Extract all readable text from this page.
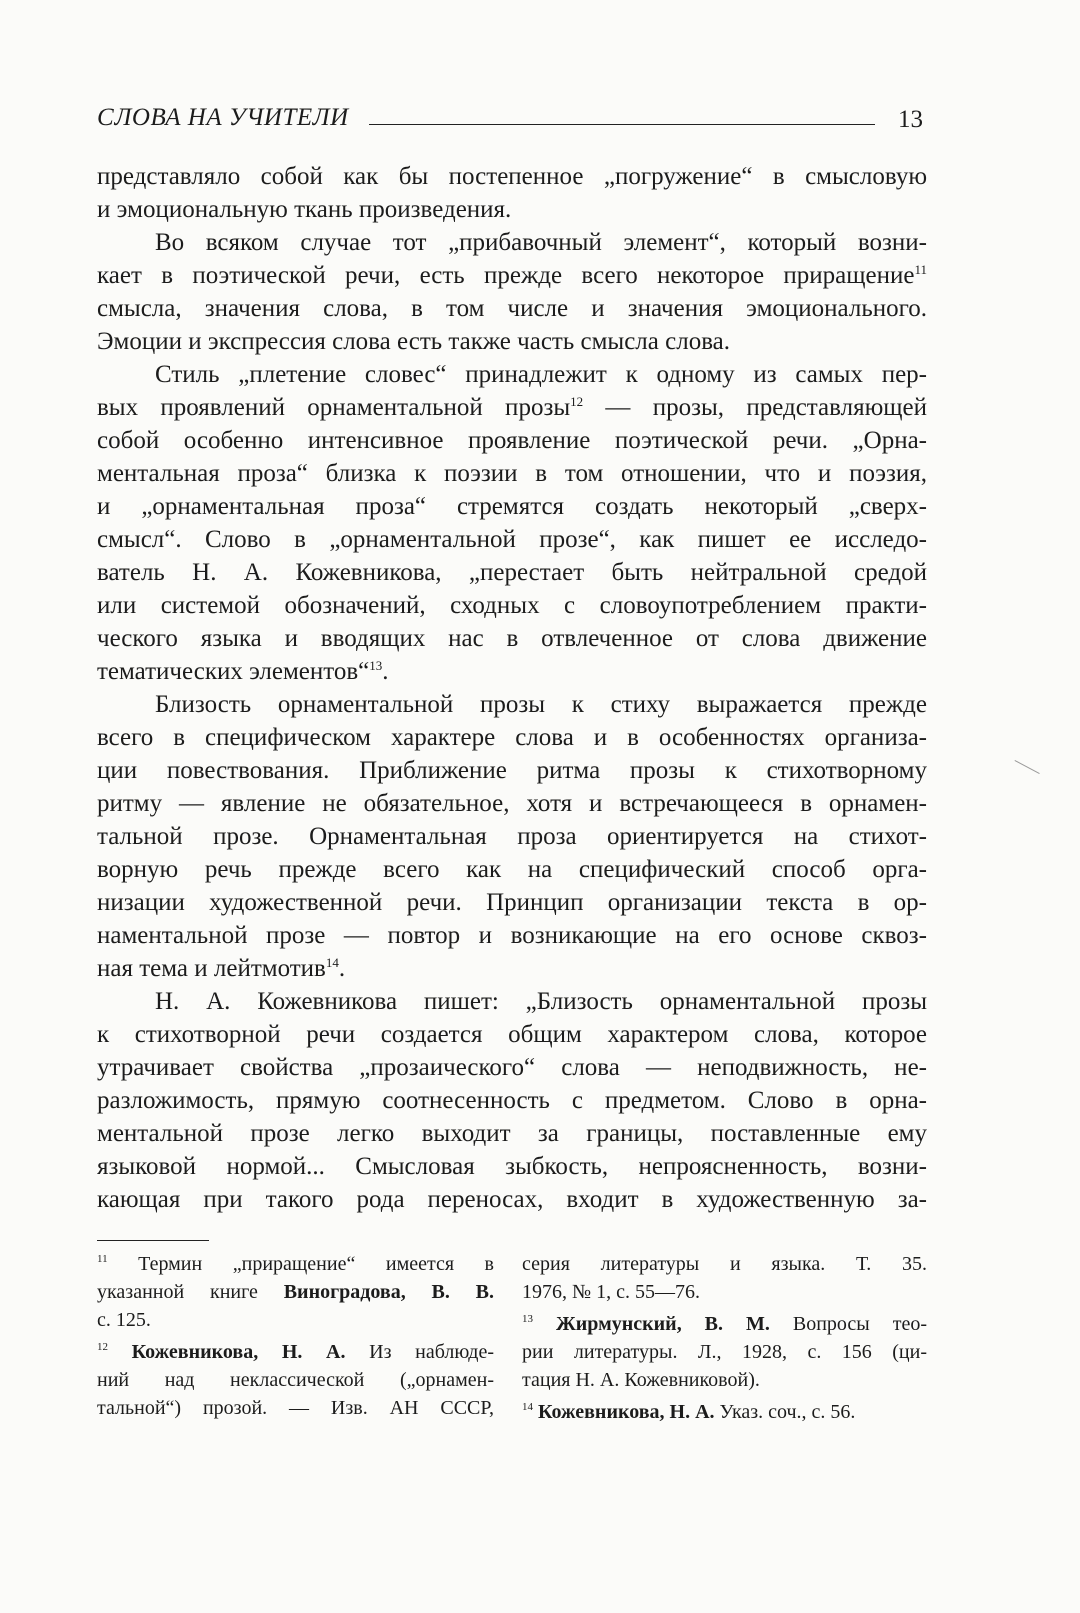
СЛОВА НА УЧИТЕЛИ	13
представляло собой как бы постепенное „погружение“ в смысловую
и эмоциональную ткань произведения.
Во всяком случае тот „прибавочный элемент“, который возни-
кает в поэтической речи, есть прежде всего некоторое приращение$^{11}$
смысла, значения слова, в том числе и значения эмоционального.
Эмоции и экспрессия слова есть также часть смысла слова.
Стиль „плетение словес“ принадлежит к одному из самых пер-
вых проявлений орнаментальной прозы$^{12}$ — прозы, представляющей
собой особенно интенсивное проявление поэтической речи. „Орна-
ментальная проза“ близка к поэзии в том отношении, что и поэзия,
и „орнаментальная проза“ стремятся создать некоторый „сверх-
смысл“. Слово в „орнаментальной прозе“, как пишет ее исследо-
ватель Н. А. Кожевникова, „перестает быть нейтральной средой
или системой обозначений, сходных с словоупотреблением практи-
ческого языка и вводящих нас в отвлеченное от слова движение
тематических элементов“$^{13}$.
Близость орнаментальной прозы к стиху выражается прежде
всего в специфическом характере слова и в особенностях организа-
ции повествования. Приближение ритма прозы к стихотворному
ритму — явление не обязательное, хотя и встречающееся в орнамен-
тальной прозе. Орнаментальная проза ориентируется на стихот-
ворную речь прежде всего как на специфический способ орга-
низации художественной речи. Принцип организации текста в ор-
наментальной прозе — повтор и возникающие на его основе сквоз-
ная тема и лейтмотив$^{14}$.
Н. А. Кожевникова пишет: „Близость орнаментальной прозы
к стихотворной речи создается общим характером слова, которое
утрачивает свойства „прозаического“ слова — неподвижность, не-
разложимость, прямую соотнесенность с предметом. Слово в орна-
ментальной прозе легко выходит за границы, поставленные ему
языковой нормой... Смысловая зыбкость, непроясненность, возни-
кающая при такого рода переносах, входит в художественную за-
$^{11}$ Термин „приращение“ имеется в
указанной книге Виноградова, В. В.
с. 125.
$^{12}$ Кожевникова, Н. А. Из наблюде-
ний над неклассической („орнамен-
тальной“) прозой. — Изв. АН СССР,
серия литературы и языка. Т. 35.
1976, № 1, с. 55—76.
$^{13}$ Жирмунский, В. М. Вопросы тео-
рии литературы. Л., 1928, с. 156 (ци-
тация Н. А. Кожевниковой).
$^{14}$ Кожевникова, Н. А. Указ. соч., с. 56.
